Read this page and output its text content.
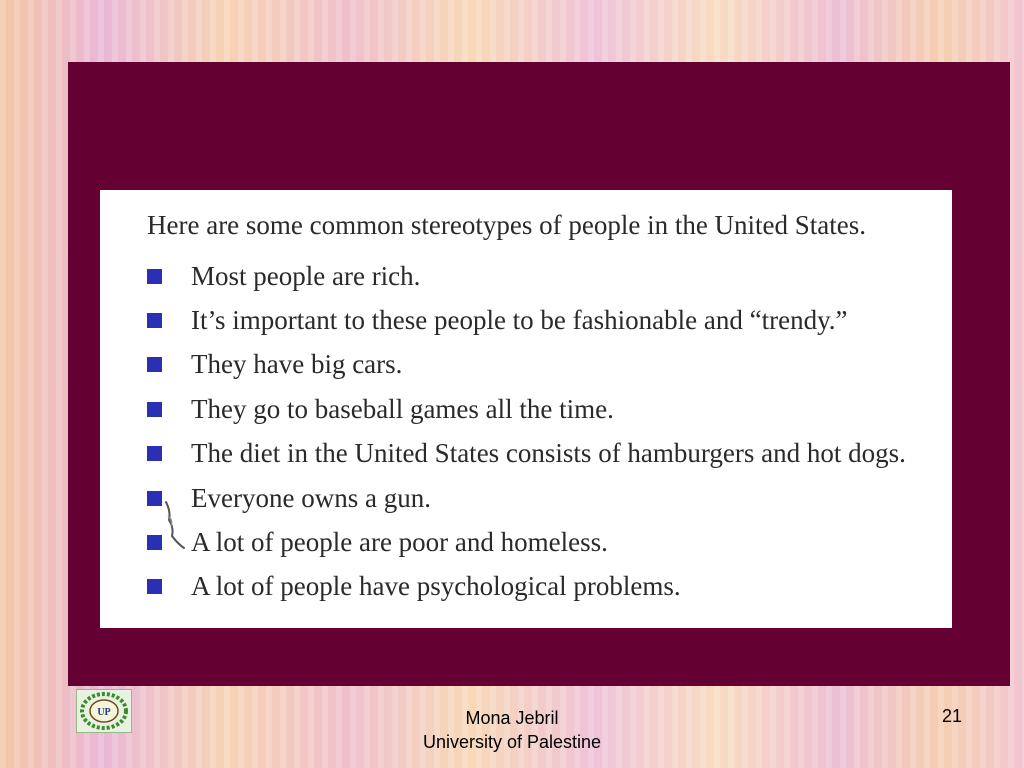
Here are some common stereotypes of people in the United States.

Most people are rich.
It’s important to these people to be fashionable and “trendy.”
They have big cars.
They go to baseball games all the time.
The diet in the United States consists of hamburgers and hot dogs.
Everyone owns a gun.
A lot of people are poor and homeless.
A lot of people have psychological problems.
UP	Mona Jebril
University of Palestine
21
